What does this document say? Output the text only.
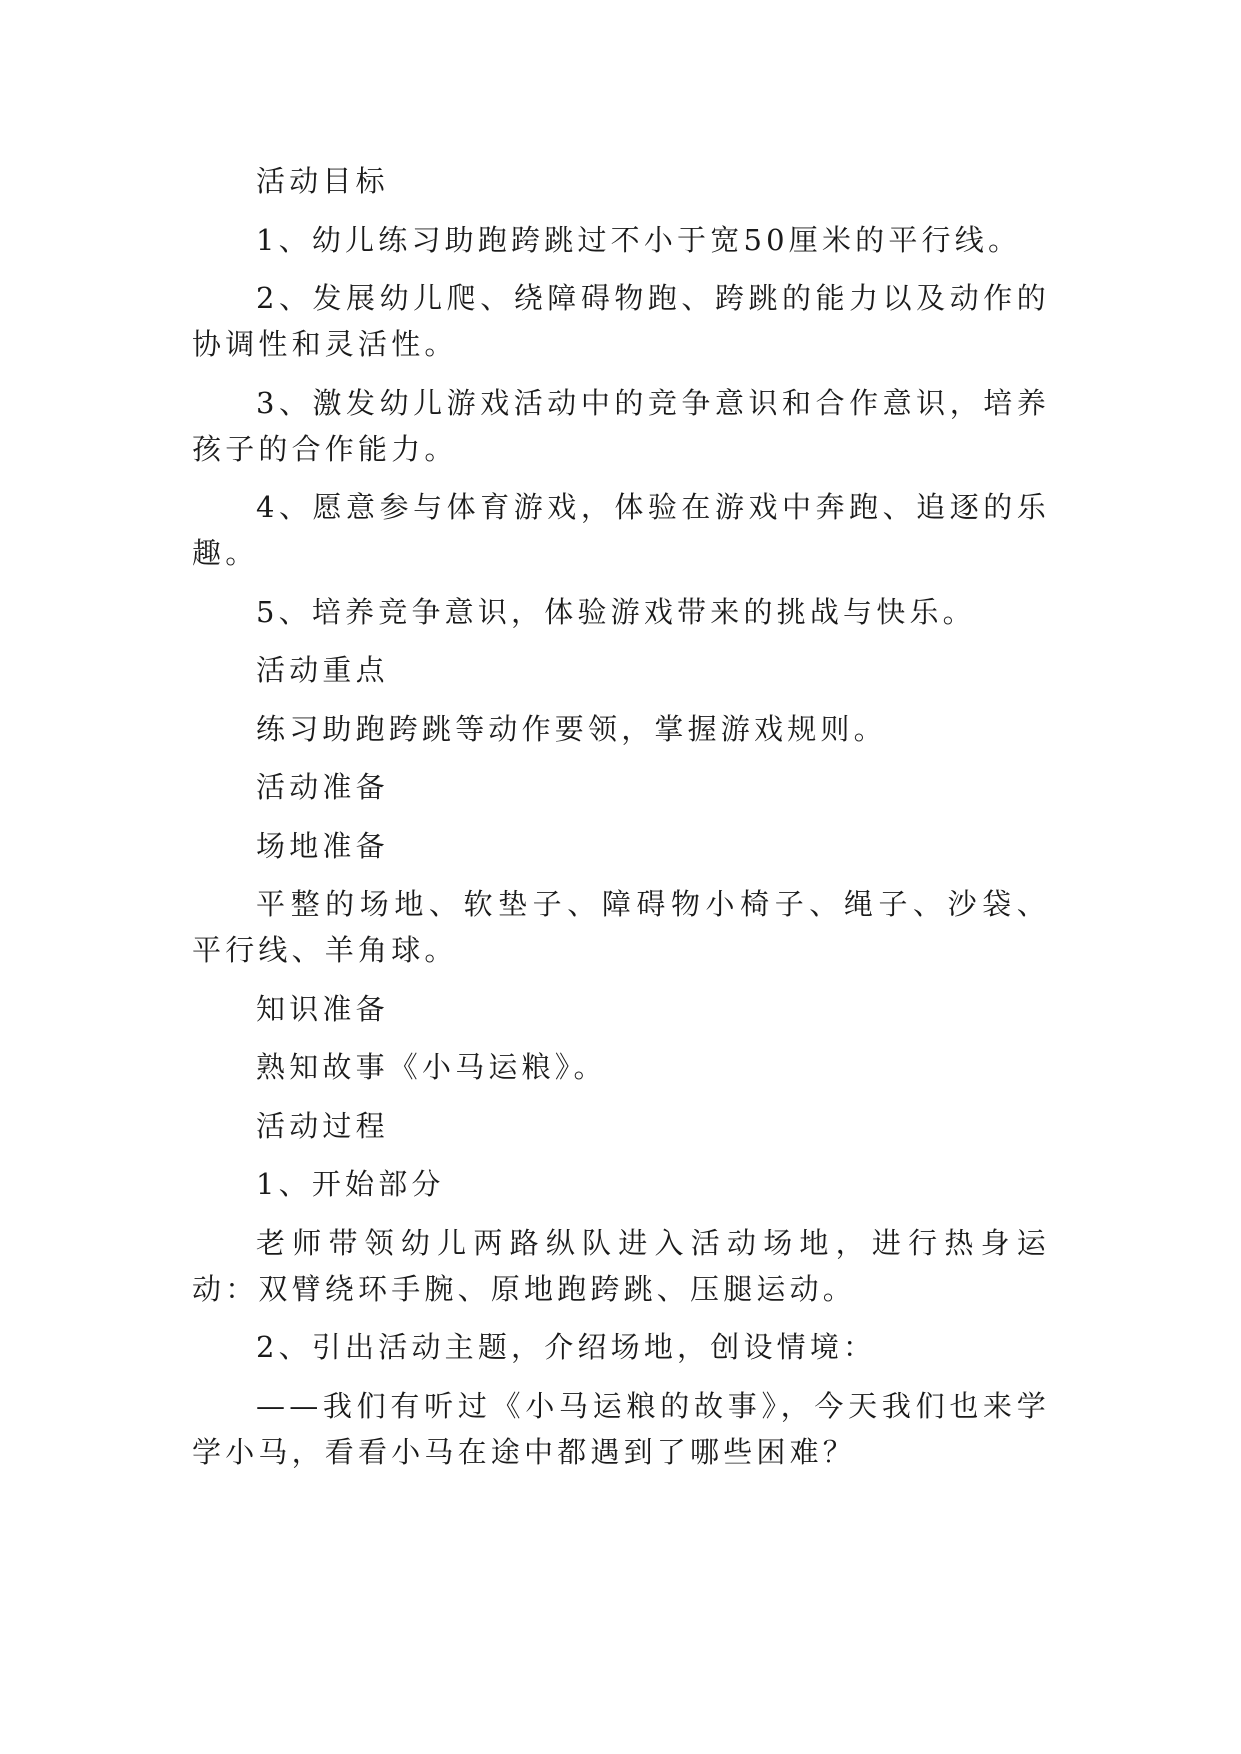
活动目标

1、幼儿练习助跑跨跳过不小于宽50厘米的平行线。

2、发展幼儿爬、绕障碍物跑、跨跳的能力以及动作的协调性和灵活性。

3、激发幼儿游戏活动中的竞争意识和合作意识，培养孩子的合作能力。

4、愿意参与体育游戏，体验在游戏中奔跑、追逐的乐趣。

5、培养竞争意识，体验游戏带来的挑战与快乐。

活动重点

练习助跑跨跳等动作要领，掌握游戏规则。

活动准备

场地准备

平整的场地、软垫子、障碍物小椅子、绳子、沙袋、平行线、羊角球。

知识准备

熟知故事《小马运粮》。

活动过程

1、开始部分

老师带领幼儿两路纵队进入活动场地，进行热身运动：双臂绕环手腕、原地跑跨跳、压腿运动。

2、引出活动主题，介绍场地，创设情境：

——我们有听过《小马运粮的故事》，今天我们也来学学小马，看看小马在途中都遇到了哪些困难？
